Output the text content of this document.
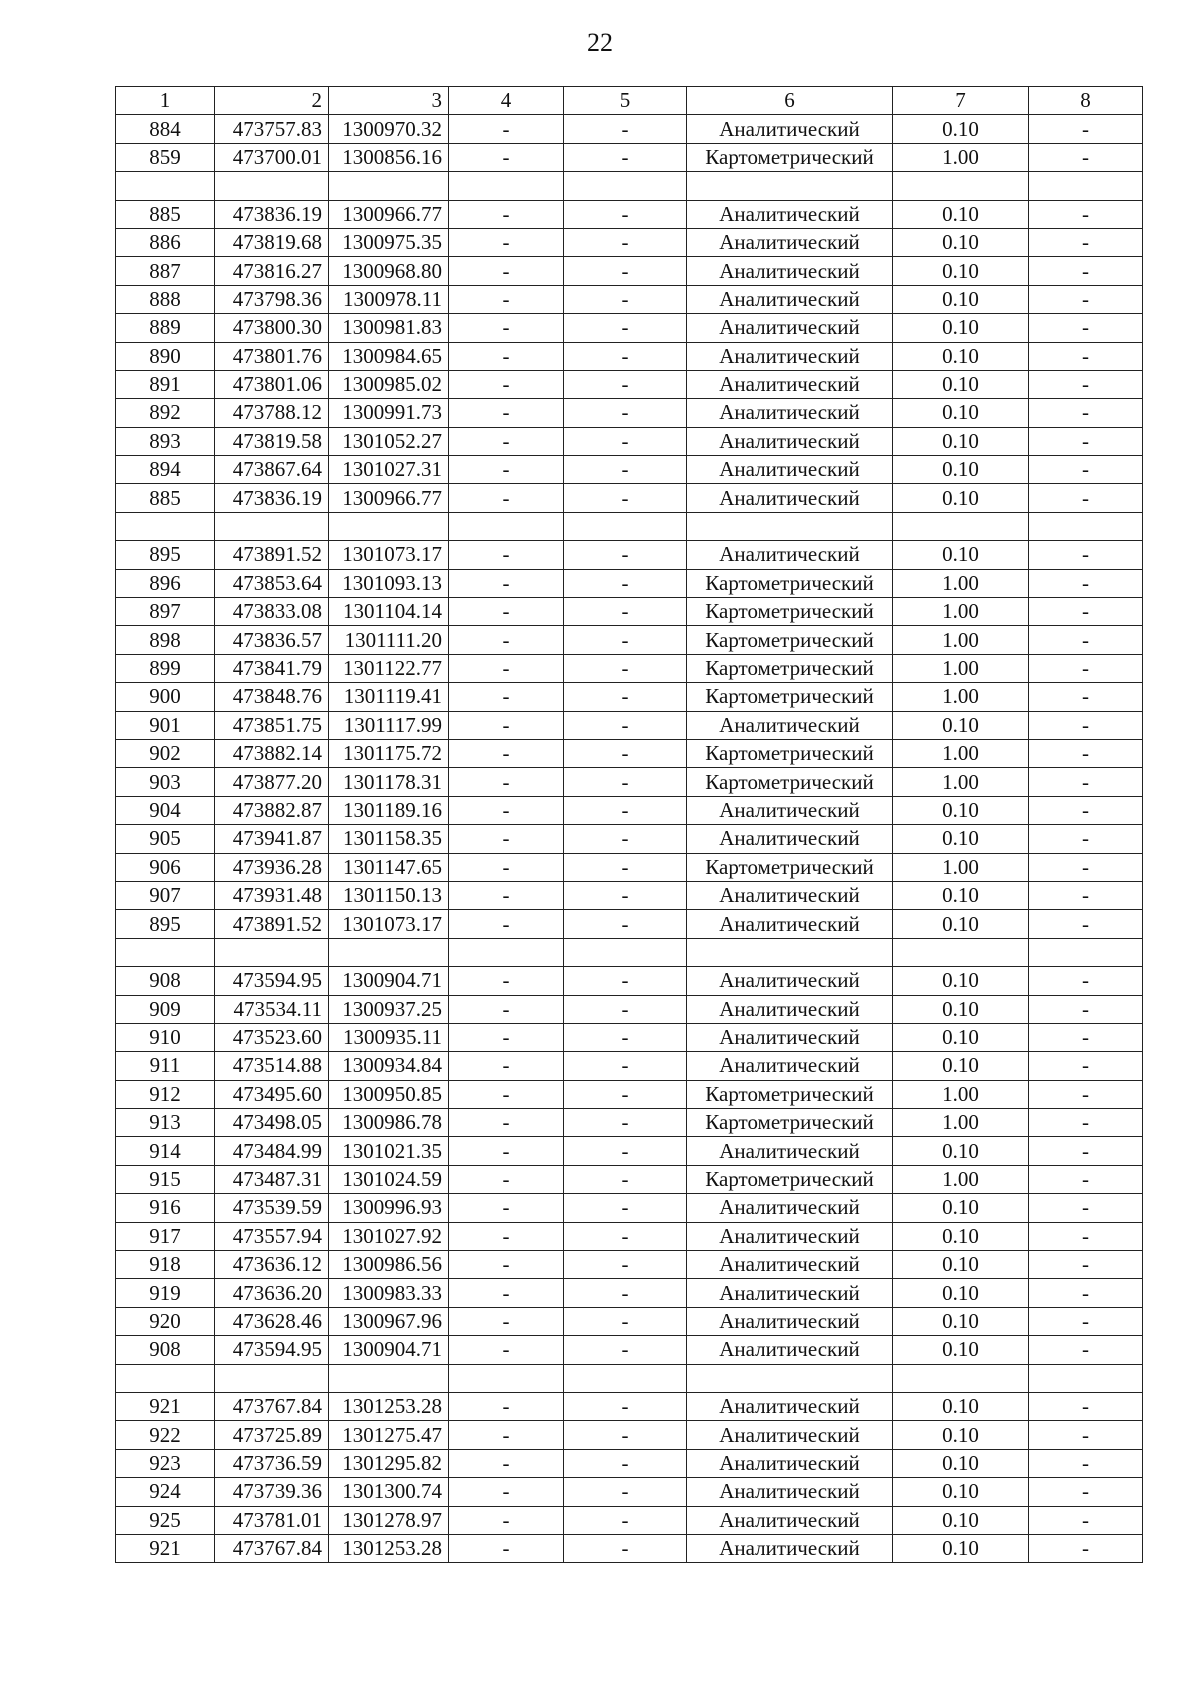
22
1	2	3	4	5	6	7	8
884	473757.83	1300970.32	-	-	Аналитический	0.10	-
859	473700.01	1300856.16	-	-	Картометрический	1.00	-

885	473836.19	1300966.77	-	-	Аналитический	0.10	-
886	473819.68	1300975.35	-	-	Аналитический	0.10	-
887	473816.27	1300968.80	-	-	Аналитический	0.10	-
888	473798.36	1300978.11	-	-	Аналитический	0.10	-
889	473800.30	1300981.83	-	-	Аналитический	0.10	-
890	473801.76	1300984.65	-	-	Аналитический	0.10	-
891	473801.06	1300985.02	-	-	Аналитический	0.10	-
892	473788.12	1300991.73	-	-	Аналитический	0.10	-
893	473819.58	1301052.27	-	-	Аналитический	0.10	-
894	473867.64	1301027.31	-	-	Аналитический	0.10	-
885	473836.19	1300966.77	-	-	Аналитический	0.10	-

895	473891.52	1301073.17	-	-	Аналитический	0.10	-
896	473853.64	1301093.13	-	-	Картометрический	1.00	-
897	473833.08	1301104.14	-	-	Картометрический	1.00	-
898	473836.57	1301111.20	-	-	Картометрический	1.00	-
899	473841.79	1301122.77	-	-	Картометрический	1.00	-
900	473848.76	1301119.41	-	-	Картометрический	1.00	-
901	473851.75	1301117.99	-	-	Аналитический	0.10	-
902	473882.14	1301175.72	-	-	Картометрический	1.00	-
903	473877.20	1301178.31	-	-	Картометрический	1.00	-
904	473882.87	1301189.16	-	-	Аналитический	0.10	-
905	473941.87	1301158.35	-	-	Аналитический	0.10	-
906	473936.28	1301147.65	-	-	Картометрический	1.00	-
907	473931.48	1301150.13	-	-	Аналитический	0.10	-
895	473891.52	1301073.17	-	-	Аналитический	0.10	-

908	473594.95	1300904.71	-	-	Аналитический	0.10	-
909	473534.11	1300937.25	-	-	Аналитический	0.10	-
910	473523.60	1300935.11	-	-	Аналитический	0.10	-
911	473514.88	1300934.84	-	-	Аналитический	0.10	-
912	473495.60	1300950.85	-	-	Картометрический	1.00	-
913	473498.05	1300986.78	-	-	Картометрический	1.00	-
914	473484.99	1301021.35	-	-	Аналитический	0.10	-
915	473487.31	1301024.59	-	-	Картометрический	1.00	-
916	473539.59	1300996.93	-	-	Аналитический	0.10	-
917	473557.94	1301027.92	-	-	Аналитический	0.10	-
918	473636.12	1300986.56	-	-	Аналитический	0.10	-
919	473636.20	1300983.33	-	-	Аналитический	0.10	-
920	473628.46	1300967.96	-	-	Аналитический	0.10	-
908	473594.95	1300904.71	-	-	Аналитический	0.10	-

921	473767.84	1301253.28	-	-	Аналитический	0.10	-
922	473725.89	1301275.47	-	-	Аналитический	0.10	-
923	473736.59	1301295.82	-	-	Аналитический	0.10	-
924	473739.36	1301300.74	-	-	Аналитический	0.10	-
925	473781.01	1301278.97	-	-	Аналитический	0.10	-
921	473767.84	1301253.28	-	-	Аналитический	0.10	-
